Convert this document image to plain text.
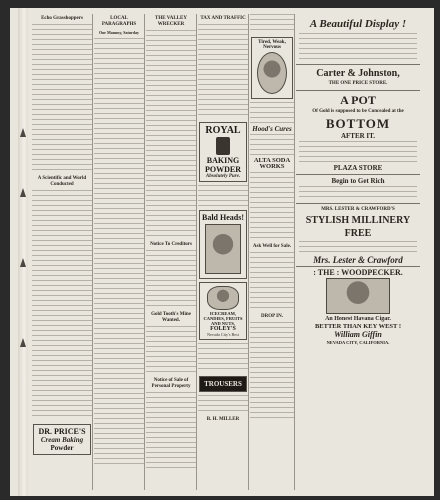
Echo Grasshoppers
A Scientific and World Conducted
DR. PRICE'S
Cream Baking
Powder
LOCAL PARAGRAPHS
Our Mammy, Saturday
THE VALLEY WRECKER
Notice To Creditors
Gold Tooth's Mine Wanted.
Notice of Sale of Personal Property
TAX AND TRAFFIC
ROYAL
BAKING
POWDER
Absolutely Pure.
Bald Heads!
ICECREAM, CANDIES, FRUITS AND NUTS,
FOLEY'S
Nevada City's Best
TROUSERS
B. H. MILLER
Tired, Weak, Nervous
Hood's Cures
ALTA SODA WORKS
Ask Well for Sale.
DROP IN.
A Beautiful Display !
Carter & Johnston,
THE ONE PRICE STORE.
A POT
Of Gold is supposed to be Concealed at the
BOTTOM
AFTER IT.
PLAZA STORE
Begin to Get Rich
MRS. LESTER & CRAWFORD'S
STYLISH MILLINERY
FREE
Mrs. Lester & Crawford
: THE : WOODPECKER.
An Honest Havana Cigar.
BETTER THAN KEY WEST !
William Giffin
NEVADA CITY, CALIFORNIA.
